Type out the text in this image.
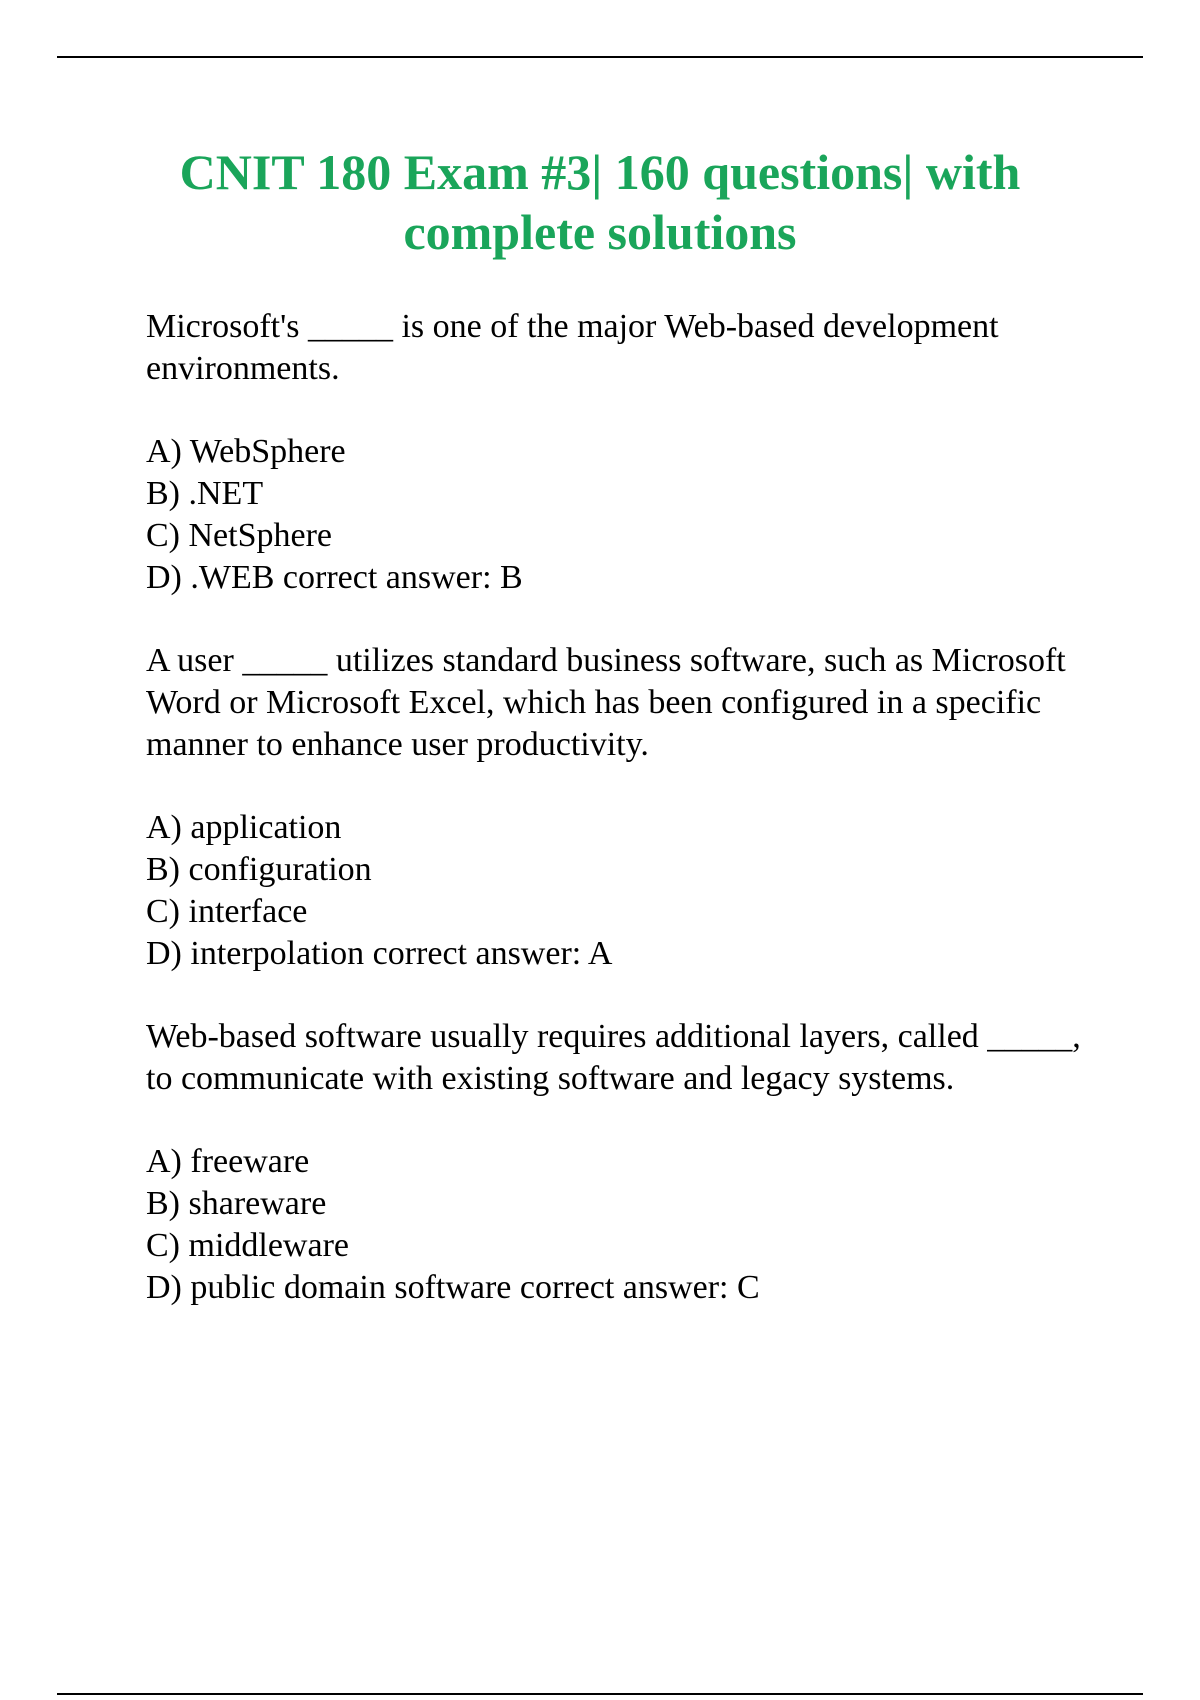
CNIT 180 Exam #3| 160 questions| with
complete solutions

Microsoft's _____ is one of the major Web-based development environments.

A) WebSphere
B) .NET
C) NetSphere
D) .WEB correct answer: B

A user _____ utilizes standard business software, such as Microsoft Word or Microsoft Excel, which has been configured in a specific manner to enhance user productivity.

A) application
B) configuration
C) interface
D) interpolation correct answer: A

Web-based software usually requires additional layers, called _____, to communicate with existing software and legacy systems.

A) freeware
B) shareware
C) middleware
D) public domain software correct answer: C
